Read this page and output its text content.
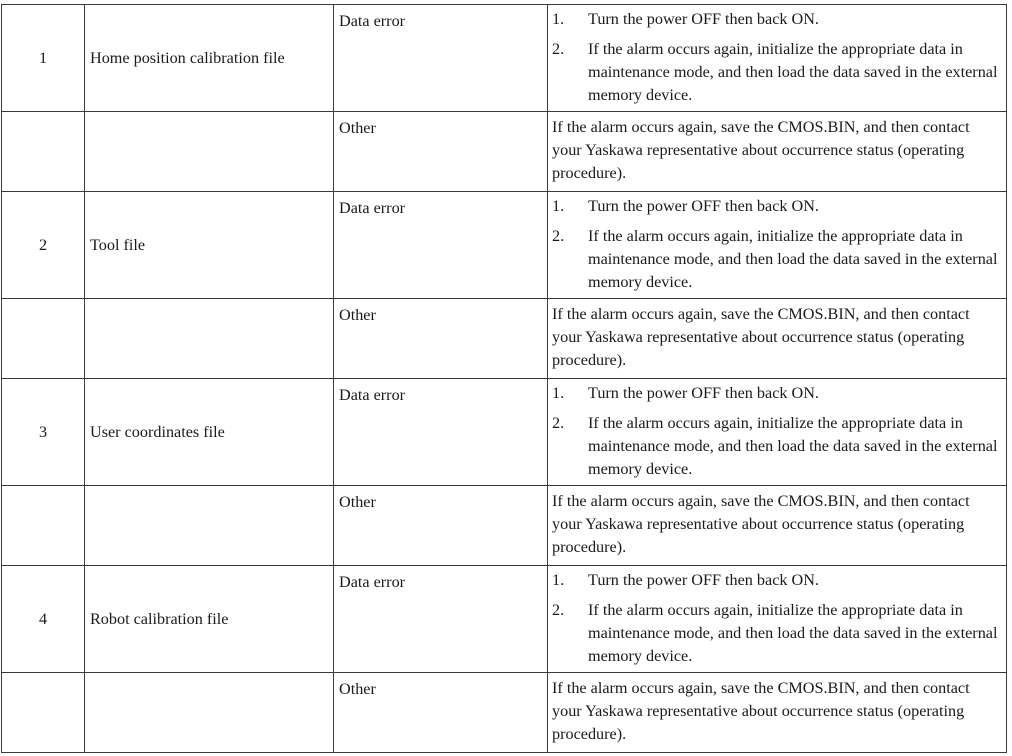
1	Home position calibration file	Data error	1. Turn the power OFF then back ON.
2. If the alarm occurs again, initialize the appropriate data in maintenance mode, and then load the data saved in the external memory device.

		Other	If the alarm occurs again, save the CMOS.BIN, and then contact your Yaskawa representative about occurrence status (operating procedure).

2	Tool file	Data error	1. Turn the power OFF then back ON.
2. If the alarm occurs again, initialize the appropriate data in maintenance mode, and then load the data saved in the external memory device.

		Other	If the alarm occurs again, save the CMOS.BIN, and then contact your Yaskawa representative about occurrence status (operating procedure).

3	User coordinates file	Data error	1. Turn the power OFF then back ON.
2. If the alarm occurs again, initialize the appropriate data in maintenance mode, and then load the data saved in the external memory device.

		Other	If the alarm occurs again, save the CMOS.BIN, and then contact your Yaskawa representative about occurrence status (operating procedure).

4	Robot calibration file	Data error	1. Turn the power OFF then back ON.
2. If the alarm occurs again, initialize the appropriate data in maintenance mode, and then load the data saved in the external memory device.

		Other	If the alarm occurs again, save the CMOS.BIN, and then contact your Yaskawa representative about occurrence status (operating procedure).
